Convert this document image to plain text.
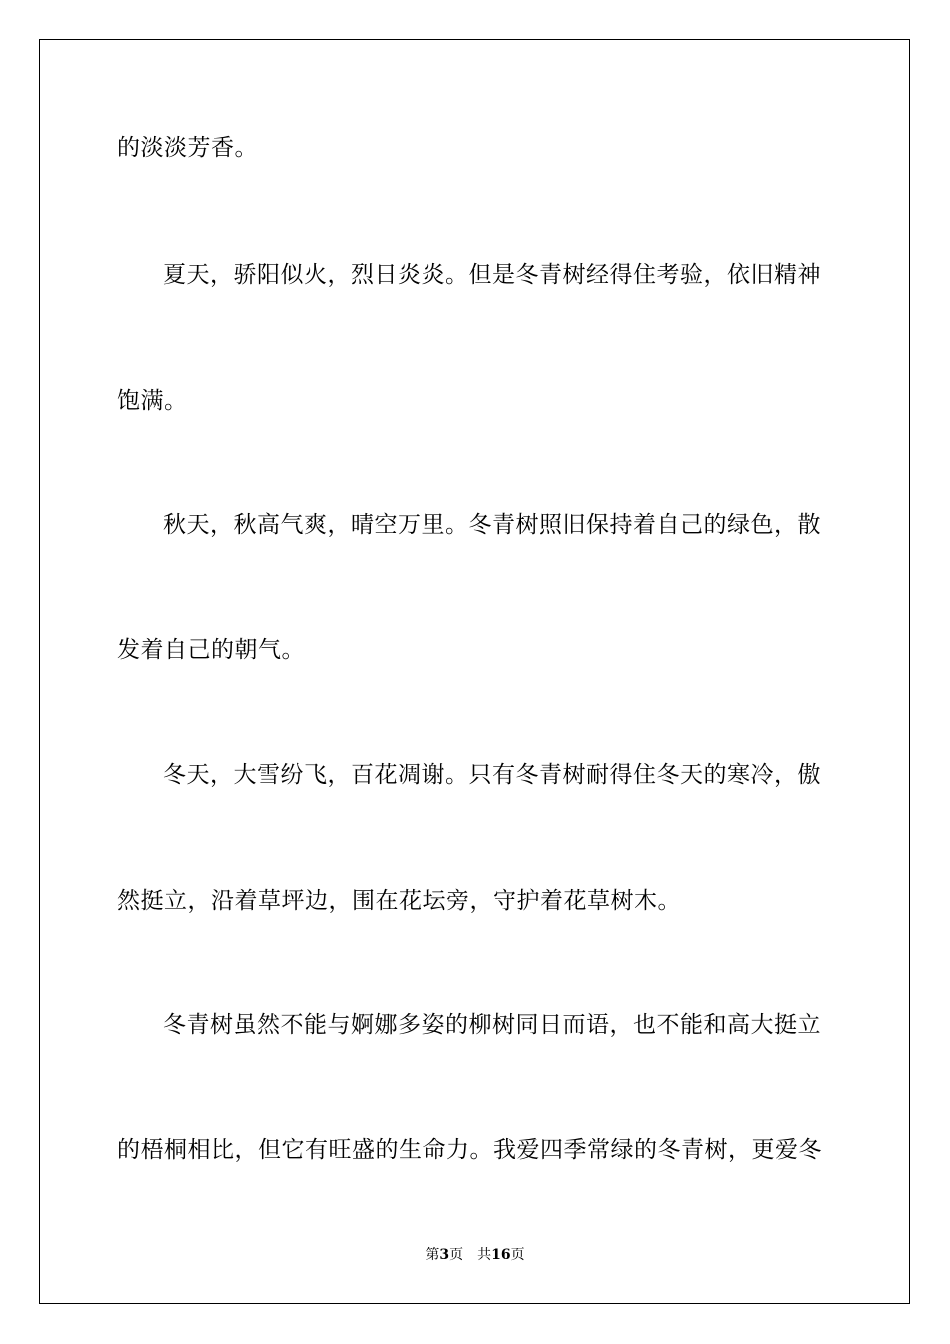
的淡淡芳香。
夏天，骄阳似火，烈日炎炎。但是冬青树经得住考验，依旧精神
饱满。
秋天，秋高气爽，晴空万里。冬青树照旧保持着自己的绿色，散
发着自己的朝气。
冬天，大雪纷飞，百花凋谢。只有冬青树耐得住冬天的寒冷，傲
然挺立，沿着草坪边，围在花坛旁，守护着花草树木。
冬青树虽然不能与婀娜多姿的柳树同日而语，也不能和高大挺立
的梧桐相比，但它有旺盛的生命力。我爱四季常绿的冬青树，更爱冬
第3页 共16页
